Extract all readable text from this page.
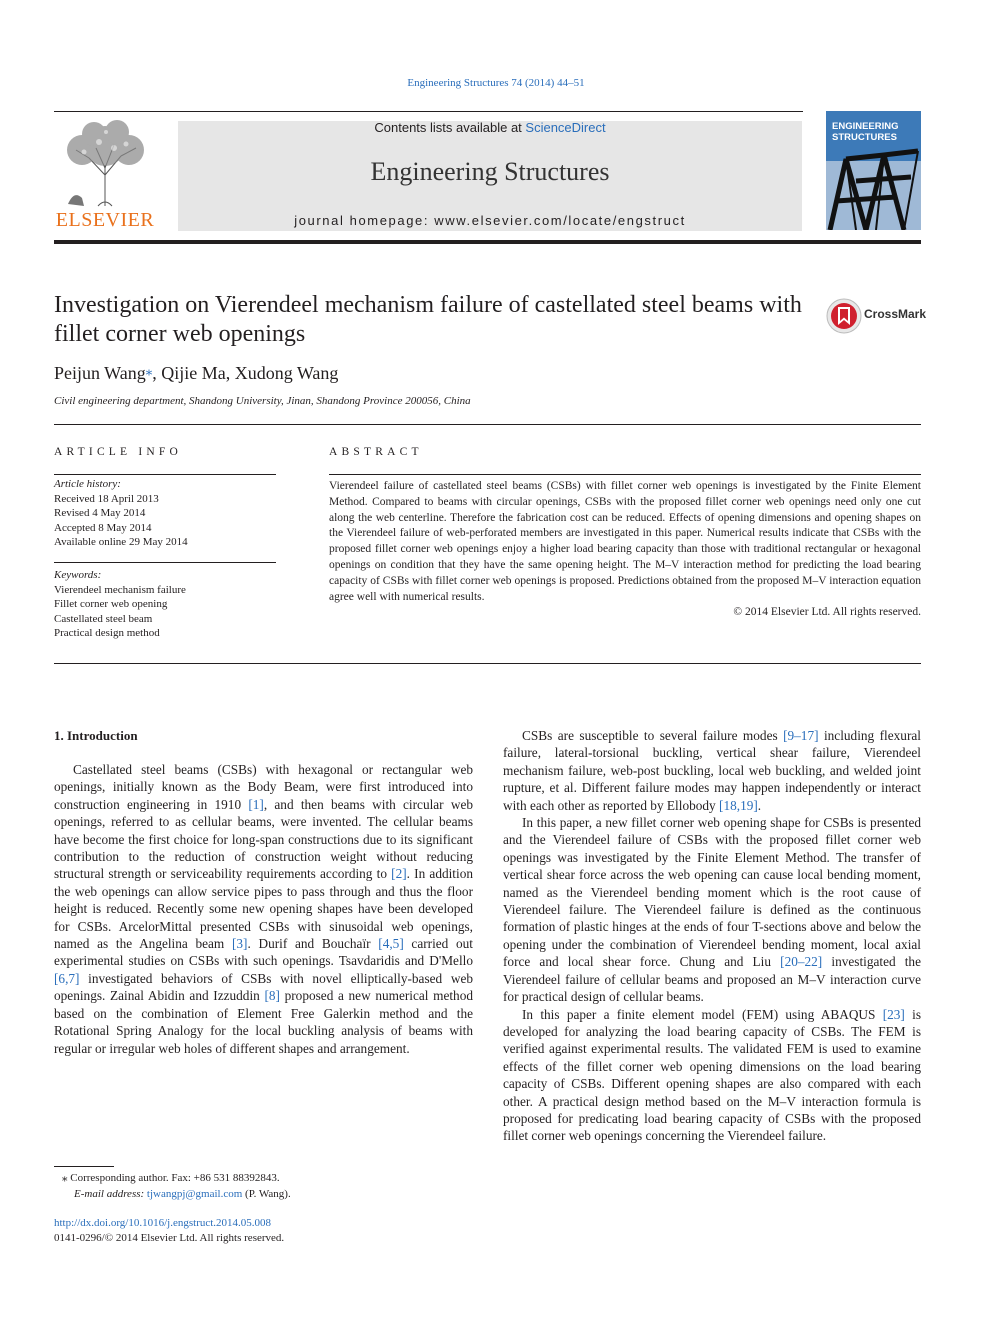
Engineering Structures 74 (2014) 44–51
ELSEVIER
Contents lists available at ScienceDirect
Engineering Structures
journal homepage: www.elsevier.com/locate/engstruct
ENGINEERING
STRUCTURES
Investigation on Vierendeel mechanism failure of castellated steel beams with fillet corner web openings
CrossMark
Peijun Wang⁎, Qijie Ma, Xudong Wang
Civil engineering department, Shandong University, Jinan, Shandong Province 200056, China
ARTICLE INFO
Article history:
Received 18 April 2013
Revised 4 May 2014
Accepted 8 May 2014
Available online 29 May 2014
Keywords:
Vierendeel mechanism failure
Fillet corner web opening
Castellated steel beam
Practical design method
ABSTRACT
Vierendeel failure of castellated steel beams (CSBs) with fillet corner web openings is investigated by the Finite Element Method. Compared to beams with circular openings, CSBs with the proposed fillet corner web openings need only one cut along the web centerline. Therefore the fabrication cost can be reduced. Effects of opening dimensions and opening shapes on the Vierendeel failure of web-perforated members are investigated in this paper. Numerical results indicate that CSBs with the proposed fillet corner web openings enjoy a higher load bearing capacity than those with traditional rectangular or hexagonal openings on condition that they have the same opening height. The M–V interaction method for predicting the load bearing capacity of CSBs with fillet corner web openings is proposed. Predictions obtained from the proposed M–V interaction equation agree well with numerical results.
© 2014 Elsevier Ltd. All rights reserved.
1. Introduction

Castellated steel beams (CSBs) with hexagonal or rectangular web openings, initially known as the Body Beam, were first introduced into construction engineering in 1910 [1], and then beams with circular web openings, referred to as cellular beams, were invented. The cellular beams have become the first choice for long-span constructions due to its significant contribution to the reduction of construction weight without reducing structural strength or serviceability requirements according to [2]. In addition the web openings can allow service pipes to pass through and thus the floor height is reduced. Recently some new opening shapes have been developed for CSBs. ArcelorMittal presented CSBs with sinusoidal web openings, named as the Angelina beam [3]. Durif and Bouchaïr [4,5] carried out experimental studies on CSBs with such openings. Tsavdaridis and D'Mello [6,7] investigated behaviors of CSBs with novel elliptically-based web openings. Zainal Abidin and Izzuddin [8] proposed a new numerical method based on the combination of Element Free Galerkin method and the Rotational Spring Analogy for the local buckling analysis of beams with regular or irregular web holes of different shapes and arrangement.

CSBs are susceptible to several failure modes [9–17] including flexural failure, lateral-torsional buckling, vertical shear failure, Vierendeel mechanism failure, web-post buckling, local web buckling, and welded joint rupture, et al. Different failure modes may happen independently or interact with each other as reported by Ellobody [18,19].

In this paper, a new fillet corner web opening shape for CSBs is presented and the Vierendeel failure of CSBs with the proposed fillet corner web openings was investigated by the Finite Element Method. The transfer of vertical shear force across the web opening can cause local bending moment, named as the Vierendeel bending moment which is the root cause of Vierendeel failure. The Vierendeel failure is defined as the continuous formation of plastic hinges at the ends of four T-sections above and below the opening under the combination of Vierendeel bending moment, local axial force and local shear force. Chung and Liu [20–22] investigated the Vierendeel failure of cellular beams and proposed an M–V interaction curve for practical design of cellular beams.

In this paper a finite element model (FEM) using ABAQUS [23] is developed for analyzing the load bearing capacity of CSBs. The FEM is verified against experimental results. The validated FEM is used to examine effects of the fillet corner web opening dimensions on the load bearing capacity of CSBs. Different opening shapes are also compared with each other. A practical design method based on the M–V interaction formula is proposed for predicating load bearing capacity of CSBs with the proposed fillet corner web openings concerning the Vierendeel failure.

⁎ Corresponding author. Fax: +86 531 88392843.
E-mail address: tjwangpj@gmail.com (P. Wang).
http://dx.doi.org/10.1016/j.engstruct.2014.05.008
0141-0296/© 2014 Elsevier Ltd. All rights reserved.
